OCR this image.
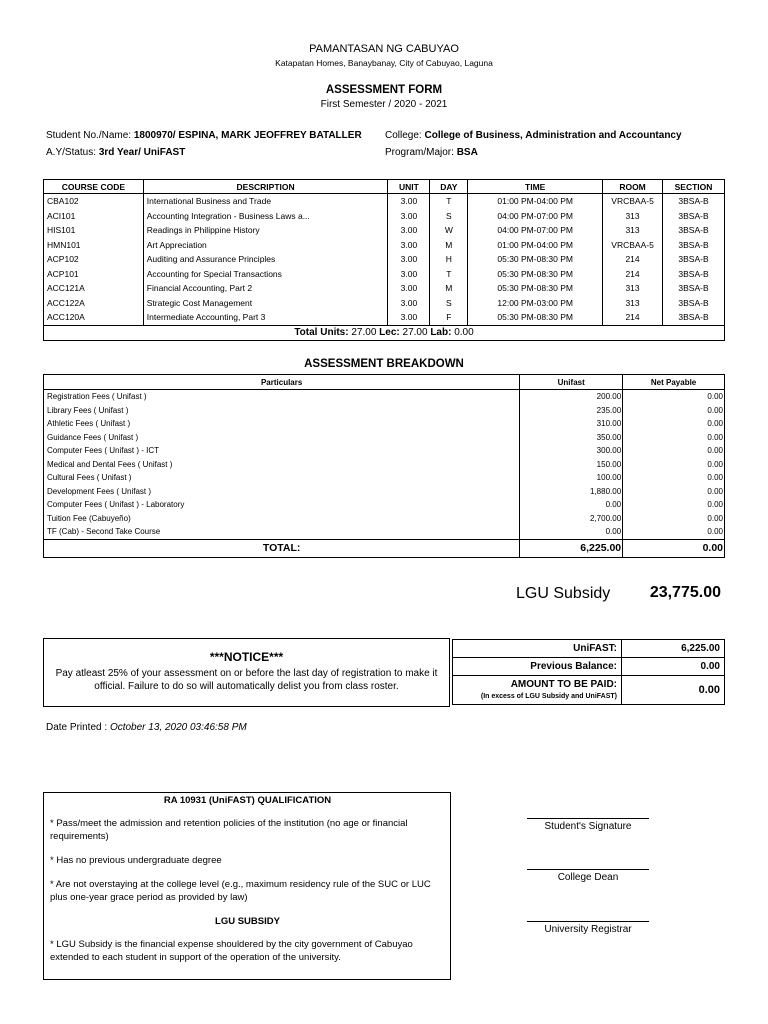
PAMANTASAN NG CABUYAO
Katapatan Homes, Banaybanay, City of Cabuyao, Laguna
ASSESSMENT FORM
First Semester / 2020 - 2021
Student No./Name: 1800970/ ESPINA, MARK JEOFFREY BATALLER
A.Y/Status: 3rd Year/ UniFAST
College: College of Business, Administration and Accountancy
Program/Major: BSA
COURSE CODE	DESCRIPTION	UNIT	DAY	TIME	ROOM	SECTION
CBA102	International Business and Trade	3.00	T	01:00 PM-04:00 PM	VRCBAA-5	3BSA-B
ACI101	Accounting Integration - Business Laws a...	3.00	S	04:00 PM-07:00 PM	313	3BSA-B
HIS101	Readings in Philippine History	3.00	W	04:00 PM-07:00 PM	313	3BSA-B
HMN101	Art Appreciation	3.00	M	01:00 PM-04:00 PM	VRCBAA-5	3BSA-B
ACP102	Auditing and Assurance Principles	3.00	H	05:30 PM-08:30 PM	214	3BSA-B
ACP101	Accounting for Special Transactions	3.00	T	05:30 PM-08:30 PM	214	3BSA-B
ACC121A	Financial Accounting, Part 2	3.00	M	05:30 PM-08:30 PM	313	3BSA-B
ACC122A	Strategic Cost Management	3.00	S	12:00 PM-03:00 PM	313	3BSA-B
ACC120A	Intermediate Accounting, Part 3	3.00	F	05:30 PM-08:30 PM	214	3BSA-B
Total Units: 27.00 Lec: 27.00 Lab: 0.00						
ASSESSMENT BREAKDOWN
Particulars	Unifast	Net Payable
Registration Fees ( Unifast )	200.00	0.00
Library Fees ( Unifast )	235.00	0.00
Athletic Fees ( Unifast )	310.00	0.00
Guidance Fees ( Unifast )	350.00	0.00
Computer Fees ( Unifast ) - ICT	300.00	0.00
Medical and Dental Fees ( Unifast )	150.00	0.00
Cultural Fees ( Unifast )	100.00	0.00
Development Fees ( Unifast )	1,880.00	0.00
Computer Fees ( Unifast ) - Laboratory	0.00	0.00
Tuition Fee (Cabuyeño)	2,700.00	0.00
TF (Cab) - Second Take Course	0.00	0.00
TOTAL:	6,225.00	0.00
LGU Subsidy	23,775.00
***NOTICE***
Pay atleast 25% of your assessment on or before the last day of registration to make it official. Failure to do so will automatically delist you from class roster.
UniFAST:	6,225.00
Previous Balance:	0.00
AMOUNT TO BE PAID:
(In excess of LGU Subsidy and UniFAST)	0.00
Date Printed : October 13, 2020 03:46:58 PM
RA 10931 (UniFAST) QUALIFICATION
* Pass/meet the admission and retention policies of the institution (no age or financial requirements)
* Has no previous undergraduate degree
* Are not overstaying at the college level (e.g., maximum residency rule of the SUC or LUC plus one-year grace period as provided by law)
LGU SUBSIDY
* LGU Subsidy is the financial expense shouldered by the city government of Cabuyao extended to each student in support of the operation of the university.
Student's Signature
College Dean
University Registrar
